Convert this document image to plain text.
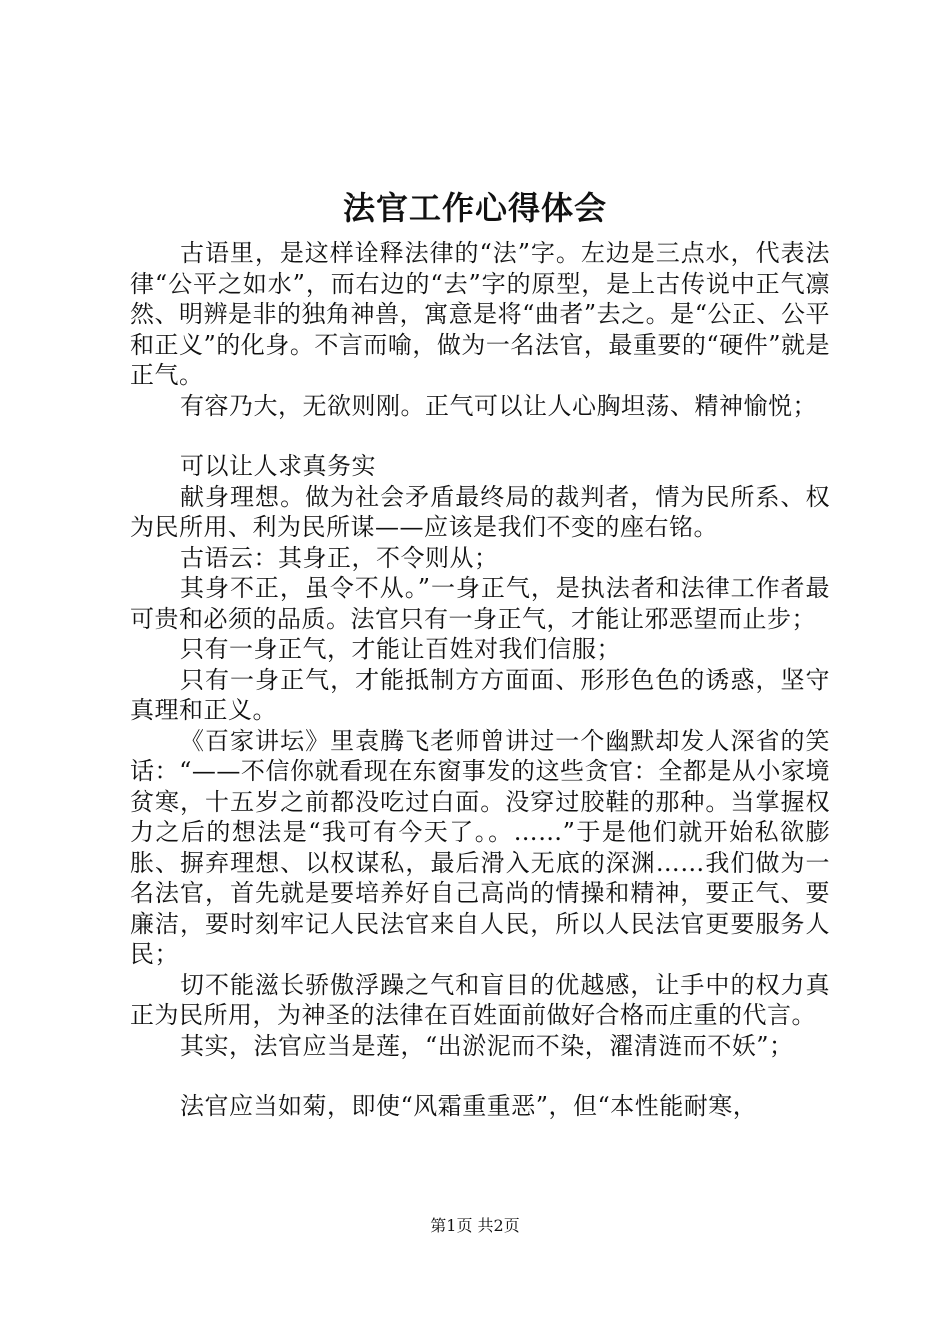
法官工作心得体会

古语里，是这样诠释法律的“法”字。左边是三点水，代表法律“公平之如水”，而右边的“去”字的原型，是上古传说中正气凛然、明辨是非的独角神兽，寓意是将“曲者”去之。是“公正、公平和正义”的化身。不言而喻，做为一名法官，最重要的“硬件”就是正气。

有容乃大，无欲则刚。正气可以让人心胸坦荡、精神愉悦；

可以让人求真务实

献身理想。做为社会矛盾最终局的裁判者，情为民所系、权为民所用、利为民所谋——应该是我们不变的座右铭。

古语云：其身正，不令则从；

其身不正，虽令不从。”一身正气，是执法者和法律工作者最可贵和必须的品质。法官只有一身正气，才能让邪恶望而止步；

只有一身正气，才能让百姓对我们信服；

只有一身正气，才能抵制方方面面、形形色色的诱惑，坚守真理和正义。

《百家讲坛》里袁腾飞老师曾讲过一个幽默却发人深省的笑话：“——不信你就看现在东窗事发的这些贪官：全都是从小家境贫寒，十五岁之前都没吃过白面。没穿过胶鞋的那种。当掌握权力之后的想法是“我可有今天了。。……”于是他们就开始私欲膨胀、摒弃理想、以权谋私，最后滑入无底的深渊……我们做为一名法官，首先就是要培养好自己高尚的情操和精神，要正气、要廉洁，要时刻牢记人民法官来自人民，所以人民法官更要服务人民；

切不能滋长骄傲浮躁之气和盲目的优越感，让手中的权力真正为民所用，为神圣的法律在百姓面前做好合格而庄重的代言。

其实，法官应当是莲，“出淤泥而不染，濯清涟而不妖”；

法官应当如菊，即使“风霜重重恶”，但“本性能耐寒，

第1页 共2页
